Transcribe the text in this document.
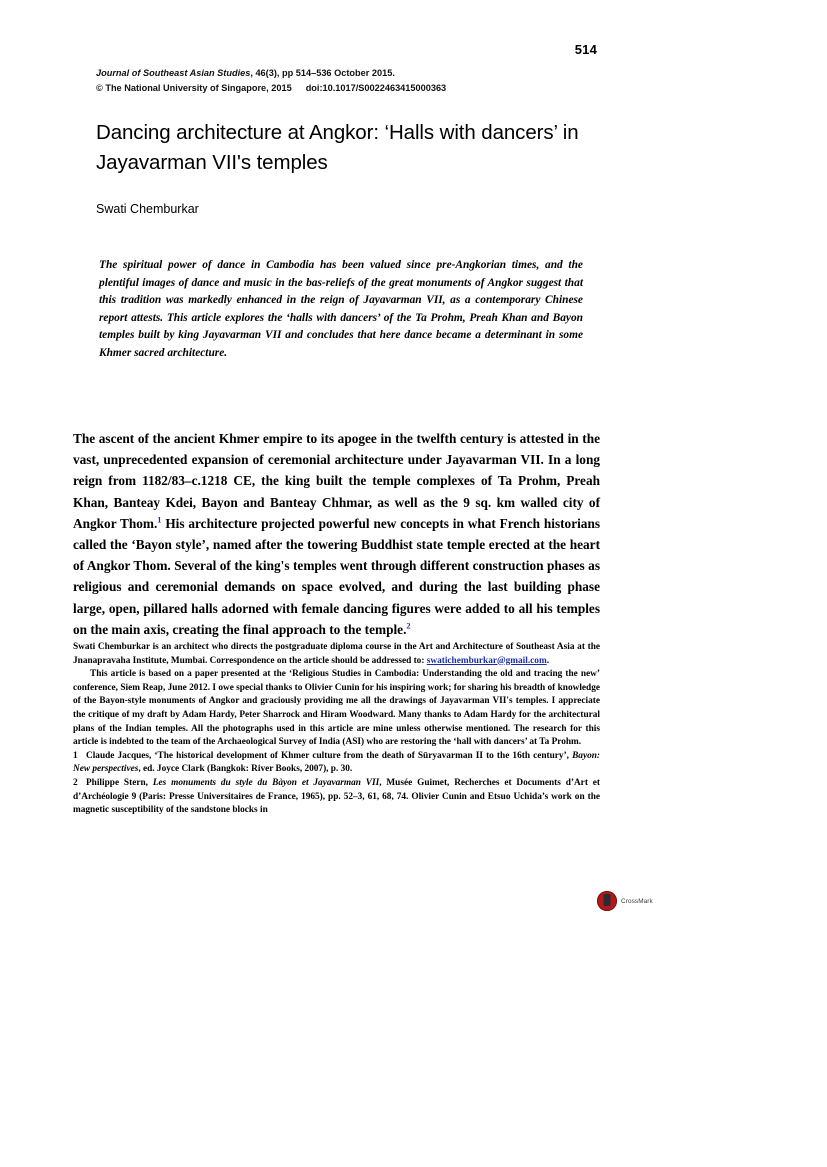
514
Journal of Southeast Asian Studies, 46(3), pp 514–536 October 2015.
© The National University of Singapore, 2015 doi:10.1017/S0022463415000363
Dancing architecture at Angkor: ‘Halls with dancers’ in Jayavarman VII's temples
Swati Chemburkar
The spiritual power of dance in Cambodia has been valued since pre-Angkorian times, and the plentiful images of dance and music in the bas-reliefs of the great monuments of Angkor suggest that this tradition was markedly enhanced in the reign of Jayavarman VII, as a contemporary Chinese report attests. This article explores the ‘halls with dancers’ of the Ta Prohm, Preah Khan and Bayon temples built by king Jayavarman VII and concludes that here dance became a determinant in some Khmer sacred architecture.
The ascent of the ancient Khmer empire to its apogee in the twelfth century is attested in the vast, unprecedented expansion of ceremonial architecture under Jayavarman VII. In a long reign from 1182/83–c.1218 CE, the king built the temple complexes of Ta Prohm, Preah Khan, Banteay Kdei, Bayon and Banteay Chhmar, as well as the 9 sq. km walled city of Angkor Thom.$^1$ His architecture projected powerful new concepts in what French historians called the ‘Bayon style’, named after the towering Buddhist state temple erected at the heart of Angkor Thom. Several of the king's temples went through different construction phases as religious and ceremonial demands on space evolved, and during the last building phase large, open, pillared halls adorned with female dancing figures were added to all his temples on the main axis, creating the final approach to the temple.$^2$

Swati Chemburkar is an architect who directs the postgraduate diploma course in the Art and Architecture of Southeast Asia at the Jnanapravaha Institute, Mumbai. Correspondence on the article should be addressed to: swatichemburkar@gmail.com.

This article is based on a paper presented at the ‘Religious Studies in Cambodia: Understanding the old and tracing the new’ conference, Siem Reap, June 2012. I owe special thanks to Olivier Cunin for his inspiring work; for sharing his breadth of knowledge of the Bayon-style monuments of Angkor and graciously providing me all the drawings of Jayavarman VII's temples. I appreciate the critique of my draft by Adam Hardy, Peter Sharrock and Hiram Woodward. Many thanks to Adam Hardy for the architectural plans of the Indian temples. All the photographs used in this article are mine unless otherwise mentioned. The research for this article is indebted to the team of the Archaeological Survey of India (ASI) who are restoring the ‘hall with dancers’ at Ta Prohm.

1 Claude Jacques, ‘The historical development of Khmer culture from the death of Sūryavarman II to the 16th century’, Bayon: New perspectives, ed. Joyce Clark (Bangkok: River Books, 2007), p. 30.

2 Philippe Stern, Les monuments du style du Bàyon et Jayavarman VII, Musée Guimet, Recherches et Documents d’Art et d’Archéologie 9 (Paris: Presse Universitaires de France, 1965), pp. 52–3, 61, 68, 74. Olivier Cunin and Etsuo Uchida’s work on the magnetic susceptibility of the sandstone blocks in

CrossMark
